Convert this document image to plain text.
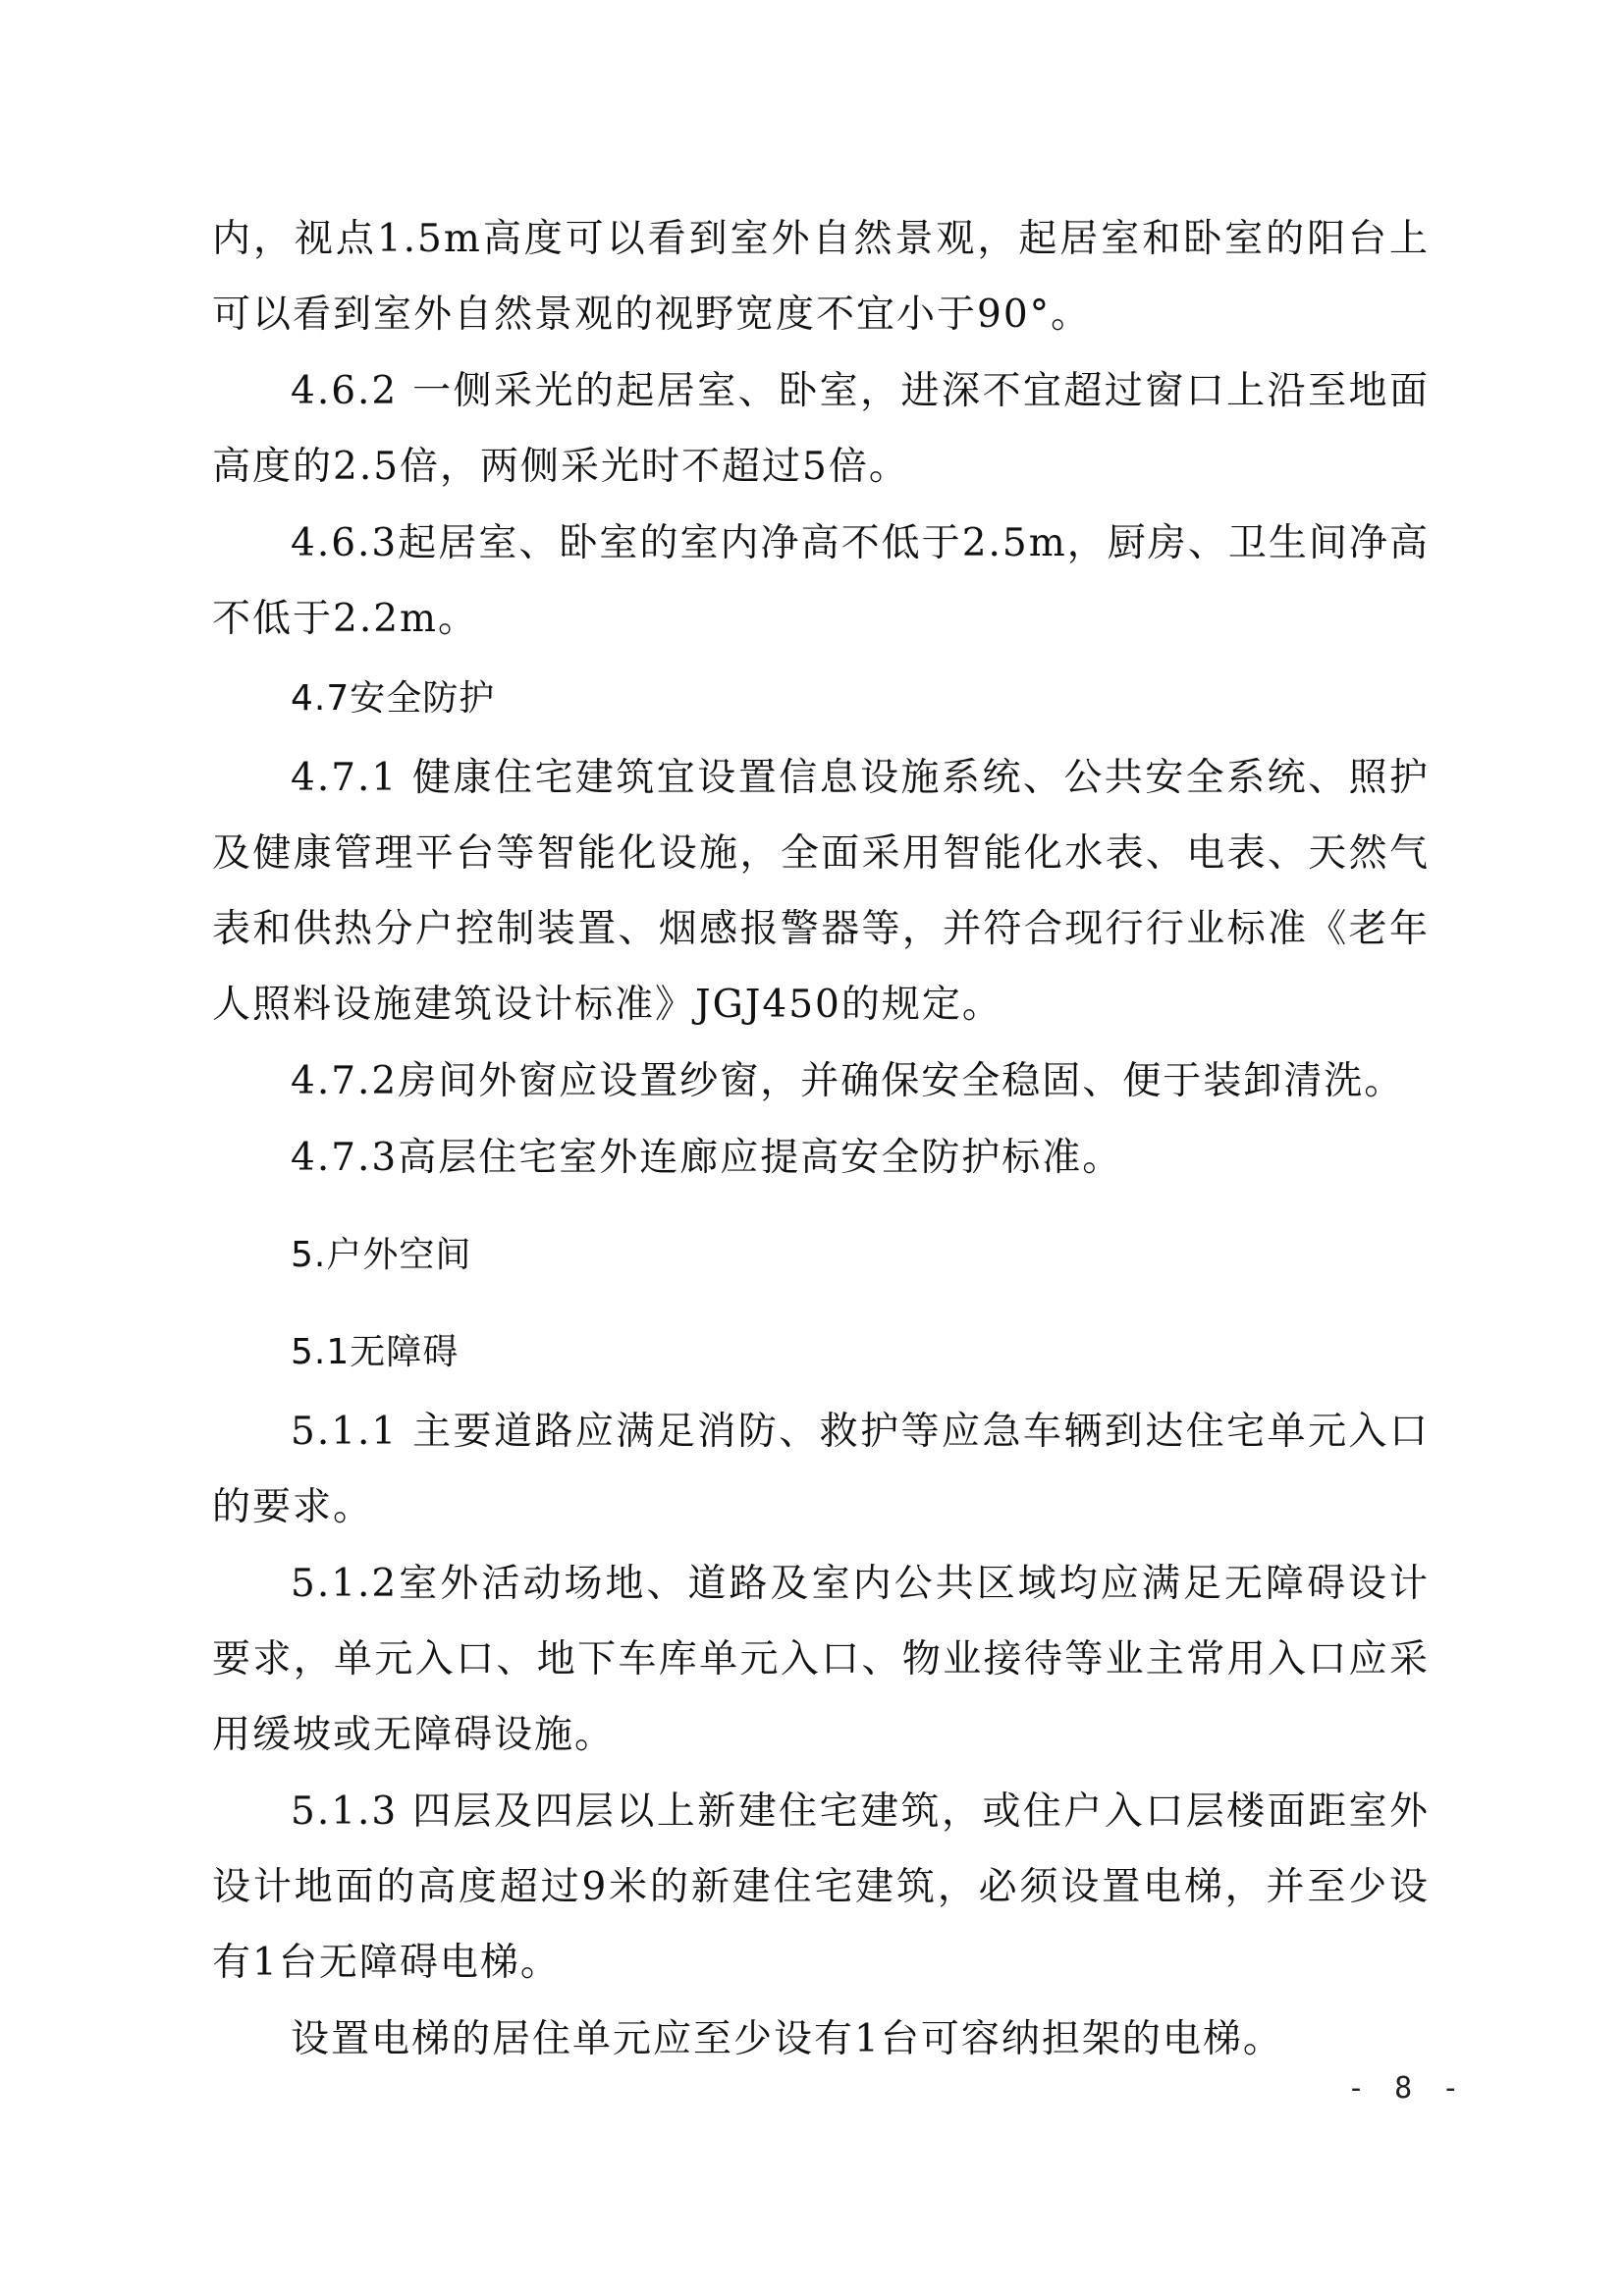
内，视点1.5m高度可以看到室外自然景观，起居室和卧室的阳台上可以看到室外自然景观的视野宽度不宜小于90°。

4.6.2 一侧采光的起居室、卧室，进深不宜超过窗口上沿至地面高度的2.5倍，两侧采光时不超过5倍。

4.6.3起居室、卧室的室内净高不低于2.5m，厨房、卫生间净高不低于2.2m。

4.7安全防护

4.7.1 健康住宅建筑宜设置信息设施系统、公共安全系统、照护及健康管理平台等智能化设施，全面采用智能化水表、电表、天然气表和供热分户控制装置、烟感报警器等，并符合现行行业标准《老年人照料设施建筑设计标准》JGJ450的规定。

4.7.2房间外窗应设置纱窗，并确保安全稳固、便于装卸清洗。

4.7.3高层住宅室外连廊应提高安全防护标准。

5.户外空间

5.1无障碍

5.1.1 主要道路应满足消防、救护等应急车辆到达住宅单元入口的要求。

5.1.2室外活动场地、道路及室内公共区域均应满足无障碍设计要求，单元入口、地下车库单元入口、物业接待等业主常用入口应采用缓坡或无障碍设施。

5.1.3 四层及四层以上新建住宅建筑，或住户入口层楼面距室外设计地面的高度超过9米的新建住宅建筑，必须设置电梯，并至少设有1台无障碍电梯。

设置电梯的居住单元应至少设有1台可容纳担架的电梯。

- 8 -
